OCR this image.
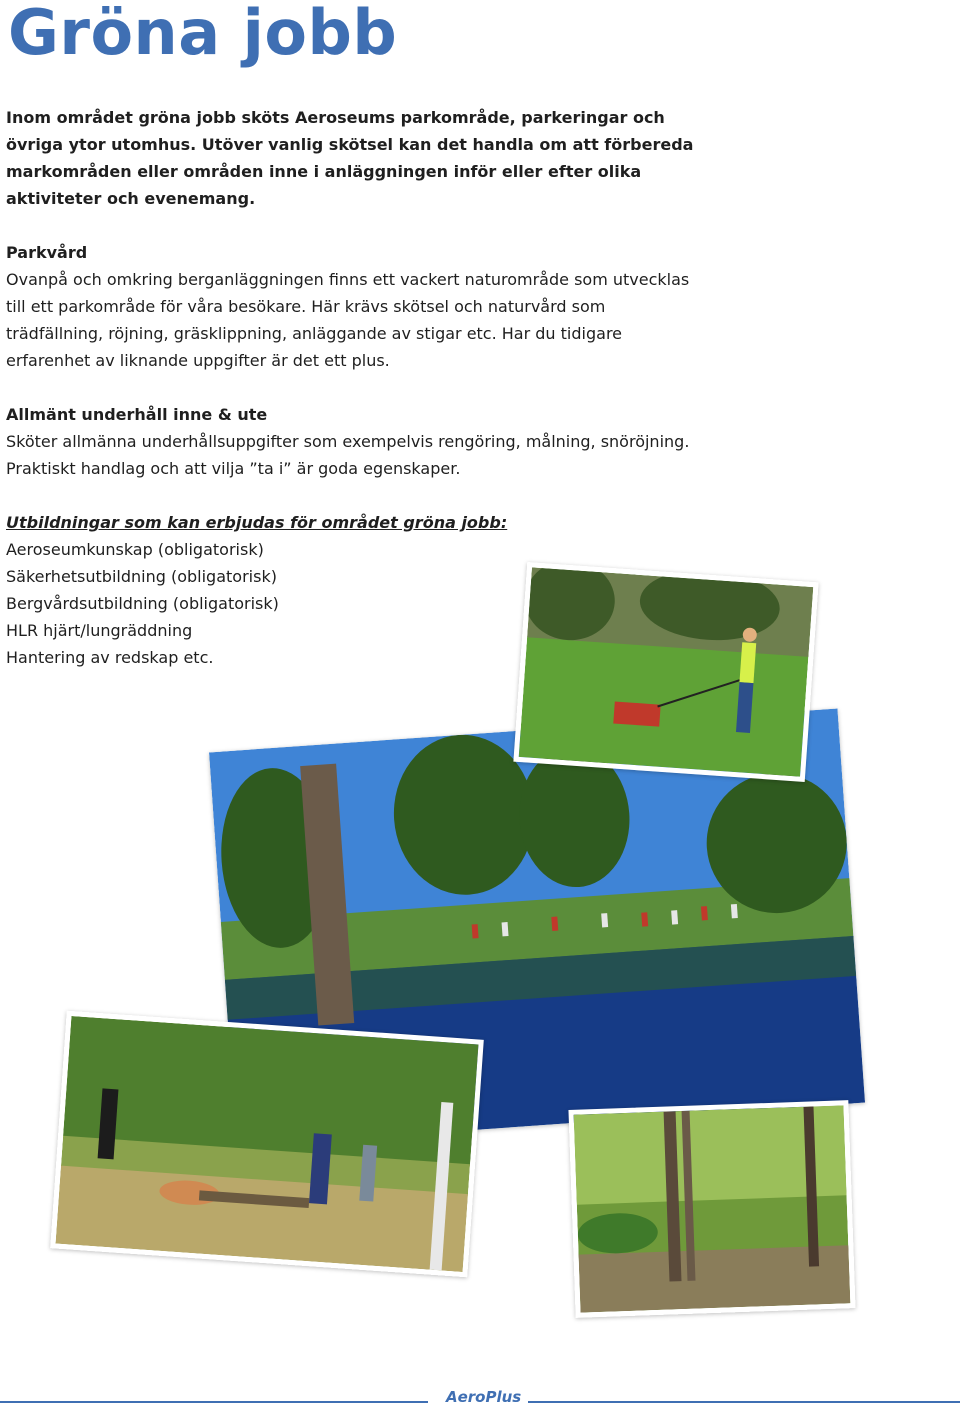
Gröna jobb

Inom området gröna jobb sköts Aeroseums parkområde, parkeringar och övriga ytor utomhus. Utöver vanlig skötsel kan det handla om att förbereda markområden eller områden inne i anläggningen inför eller efter olika aktiviteter och evenemang.

Parkvård

Ovanpå och omkring berganläggningen finns ett vackert naturområde som utvecklas till ett parkområde för våra besökare. Här krävs skötsel och naturvård som trädfällning, röjning, gräsklippning, anläggande av stigar etc. Har du tidigare erfarenhet av liknande uppgifter är det ett plus.

Allmänt underhåll inne & ute

Sköter allmänna underhållsuppgifter som exempelvis rengöring, målning, snöröjning. Praktiskt handlag och att vilja ”ta i” är goda egenskaper.

Utbildningar som kan erbjudas för området gröna jobb:
Aeroseumkunskap (obligatorisk)
Säkerhetsutbildning (obligatorisk)
Bergvårdsutbildning (obligatorisk)
HLR hjärt/lungräddning
Hantering av redskap etc.
AeroPlus
